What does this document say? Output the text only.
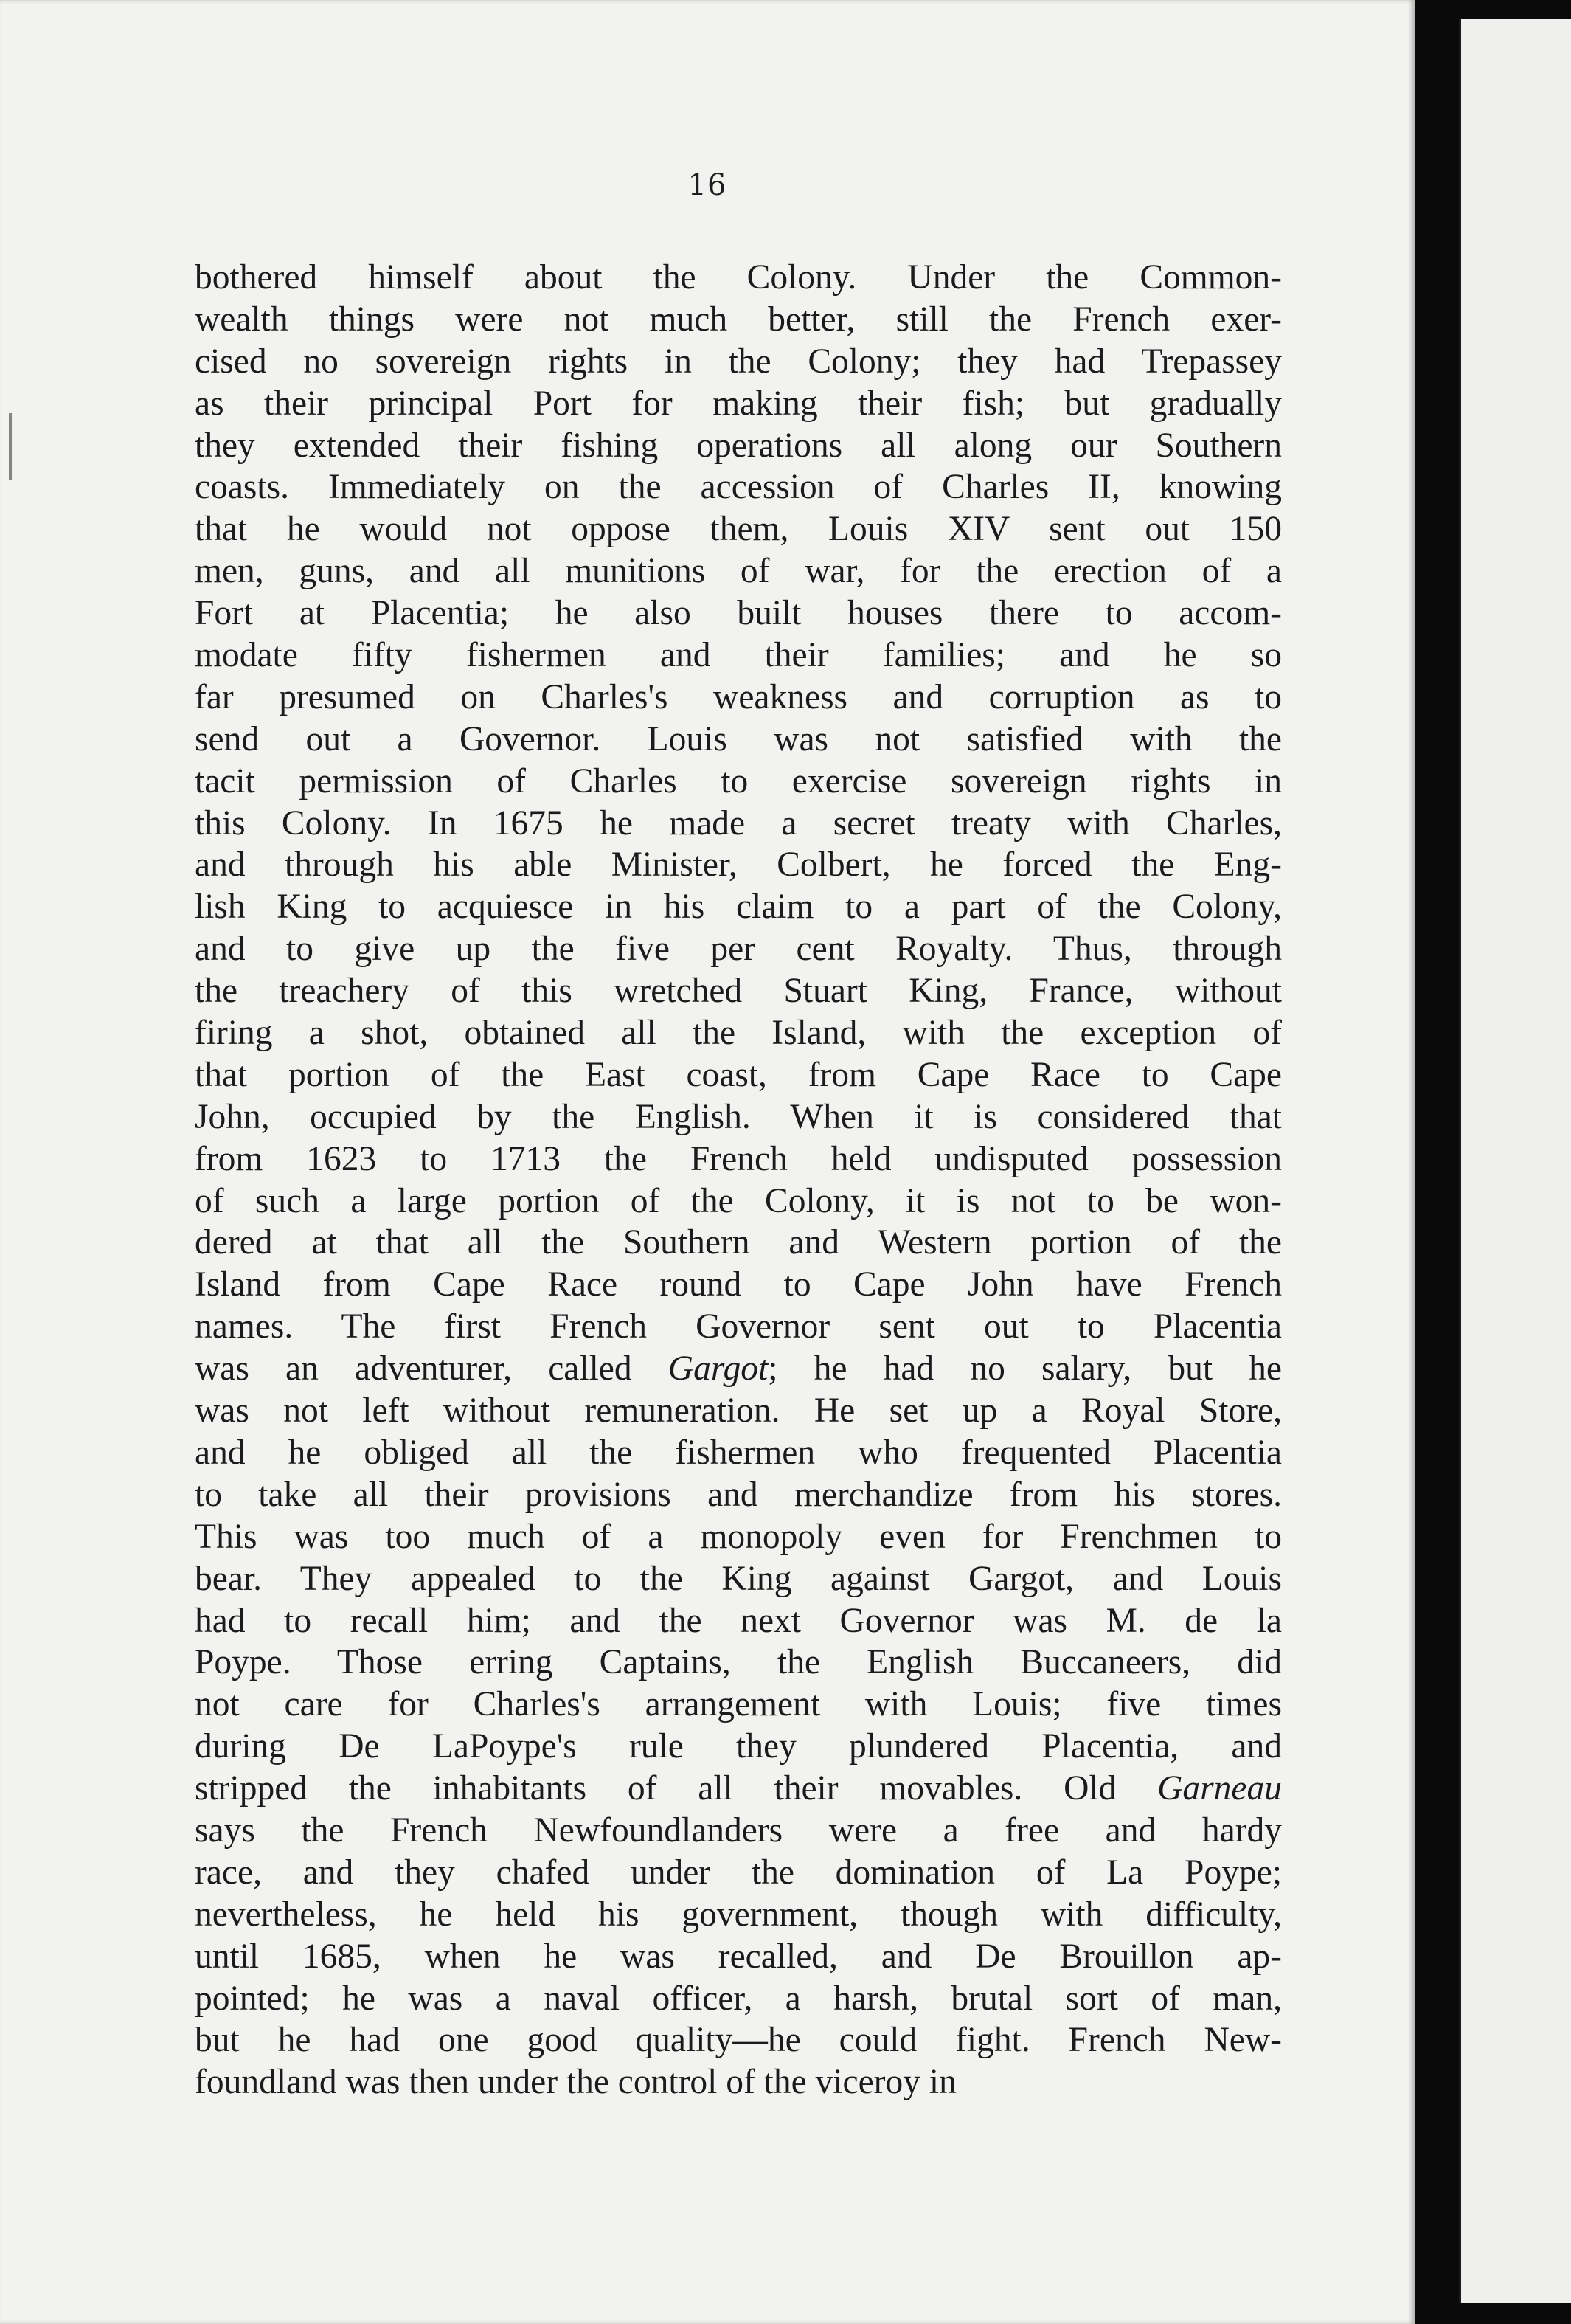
16
bothered himself about the Colony. Under the Common-
wealth things were not much better, still the French exer-
cised no sovereign rights in the Colony; they had Trepassey
as their principal Port for making their fish; but gradually
they extended their fishing operations all along our Southern
coasts. Immediately on the accession of Charles II, knowing
that he would not oppose them, Louis XIV sent out 150
men, guns, and all munitions of war, for the erection of a
Fort at Placentia; he also built houses there to accom-
modate fifty fishermen and their families; and he so
far presumed on Charles's weakness and corruption as to
send out a Governor. Louis was not satisfied with the
tacit permission of Charles to exercise sovereign rights in
this Colony. In 1675 he made a secret treaty with Charles,
and through his able Minister, Colbert, he forced the Eng-
lish King to acquiesce in his claim to a part of the Colony,
and to give up the five per cent Royalty. Thus, through
the treachery of this wretched Stuart King, France, without
firing a shot, obtained all the Island, with the exception of
that portion of the East coast, from Cape Race to Cape
John, occupied by the English. When it is considered that
from 1623 to 1713 the French held undisputed possession
of such a large portion of the Colony, it is not to be won-
dered at that all the Southern and Western portion of the
Island from Cape Race round to Cape John have French
names. The first French Governor sent out to Placentia
was an adventurer, called Gargot; he had no salary, but he
was not left without remuneration. He set up a Royal Store,
and he obliged all the fishermen who frequented Placentia
to take all their provisions and merchandize from his stores.
This was too much of a monopoly even for Frenchmen to
bear. They appealed to the King against Gargot, and Louis
had to recall him; and the next Governor was M. de la
Poype. Those erring Captains, the English Buccaneers, did
not care for Charles's arrangement with Louis; five times
during De LaPoype's rule they plundered Placentia, and
stripped the inhabitants of all their movables. Old Garneau
says the French Newfoundlanders were a free and hardy
race, and they chafed under the domination of La Poype;
nevertheless, he held his government, though with difficulty,
until 1685, when he was recalled, and De Brouillon ap-
pointed; he was a naval officer, a harsh, brutal sort of man,
but he had one good quality—he could fight. French New-
foundland was then under the control of the viceroy in
